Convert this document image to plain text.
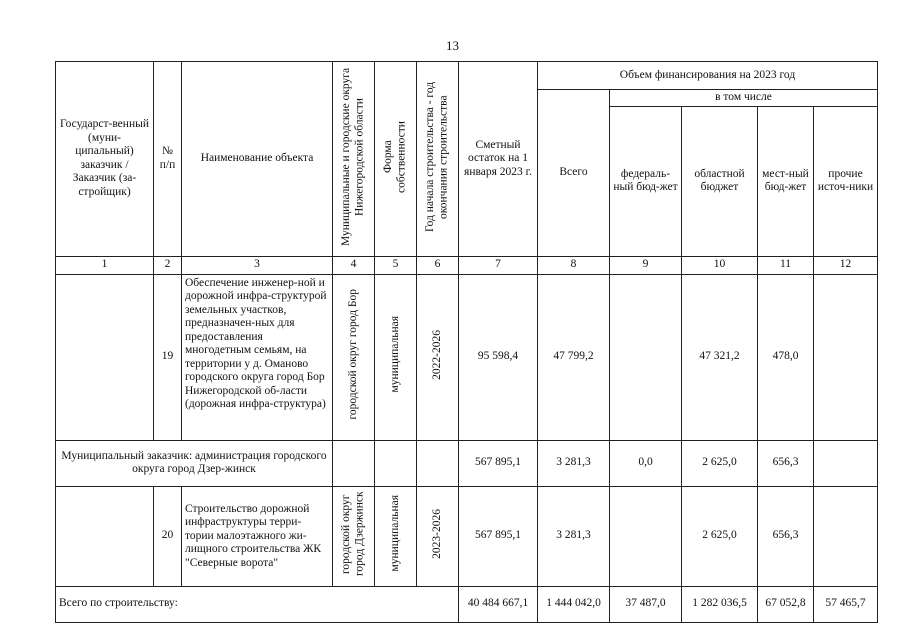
13
Государст-венный (муни-ципальный) заказчик / Заказчик (за-стройщик)	№ п/п	Наименование объекта	Муниципальные и городские округа Нижегородской области	Форма собственности	Год начала строительства - год окончания строительства	Сметный остаток на 1 января 2023 г.	Объем финансирования на 2023 год				
							Всего	в том числе			
								федераль-ный бюд-жет	областной бюджет	мест-ный бюд-жет	прочие источ-ники
1	2	3	4	5	6	7	8	9	10	11	12
	19	Обеспечение инженер-ной и дорожной инфра-структурой земельных участков, предназначен-ных для предоставления многодетным семьям, на территории у д. Оманово городского округа город Бор Нижегородской об-ласти (дорожная инфра-структура)	городской округ город Бор	муниципальная	2022-2026	95 598,4	47 799,2		47 321,2	478,0	
Муниципальный заказчик: администрация городского округа город Дзер-жинск						567 895,1	3 281,3	0,0	2 625,0	656,3	
	20	Строительство дорожной инфраструктуры терри-тории малоэтажного жи-лищного строительства ЖК "Северные ворота"	городской округ город Дзержинск	муниципальная	2023-2026	567 895,1	3 281,3		2 625,0	656,3	
Всего по строительству:						40 484 667,1	1 444 042,0	37 487,0	1 282 036,5	67 052,8	57 465,7
